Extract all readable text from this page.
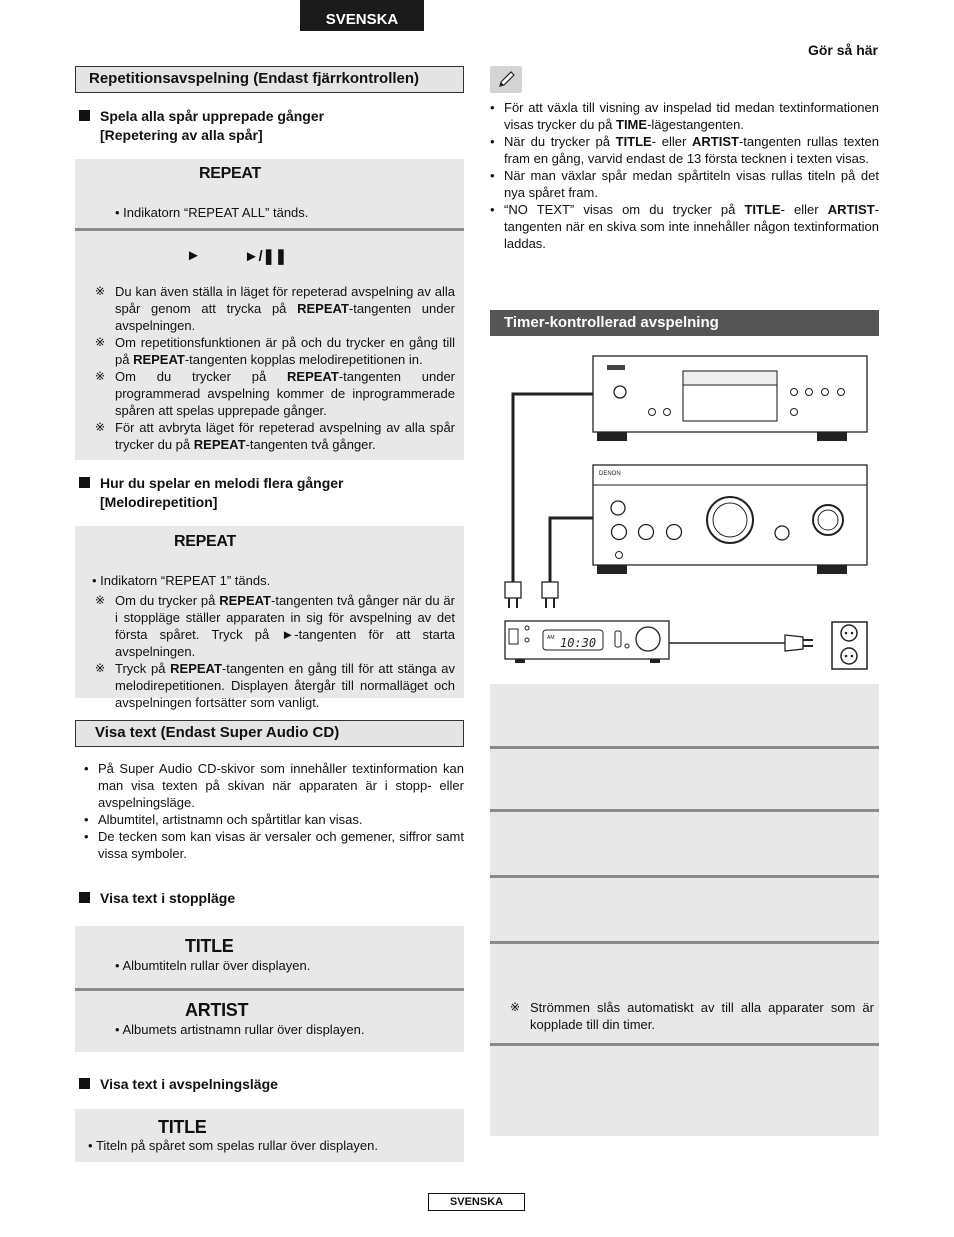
SVENSKA
Gör så här
Repetitionsavspelning (Endast fjärrkontrollen)
Spela alla spår upprepade gånger
[Repetering av alla spår]
REPEAT
• Indikatorn “REPEAT ALL” tänds.
►	►/❚❚
※ Du kan även ställa in läget för repeterad avspelning av alla spår genom att trycka på REPEAT-tangenten under avspelningen.
※ Om repetitionsfunktionen är på och du trycker en gång till på REPEAT-tangenten kopplas melodirepetitionen in.
※ Om du trycker på REPEAT-tangenten under programmerad avspelning kommer de inprogrammerade spåren att spelas upprepade gånger.
※ För att avbryta läget för repeterad avspelning av alla spår trycker du på REPEAT-tangenten två gånger.
Hur du spelar en melodi flera gånger
[Melodirepetition]
REPEAT
• Indikatorn “REPEAT 1” tänds.
※ Om du trycker på REPEAT-tangenten två gånger när du är i stoppläge ställer apparaten in sig för avspelning av det första spåret. Tryck på ►-tangenten för att starta avspelningen.
※ Tryck på REPEAT-tangenten en gång till för att stänga av melodirepetitionen. Displayen återgår till normalläget och avspelningen fortsätter som vanligt.
Visa text (Endast Super Audio CD)
• På Super Audio CD-skivor som innehåller textinformation kan man visa texten på skivan när apparaten är i stopp- eller avspelningsläge.
• Albumtitel, artistnamn och spårtitlar kan visas.
• De tecken som kan visas är versaler och gemener, siffror samt vissa symboler.
Visa text i stoppläge
TITLE
• Albumtiteln rullar över displayen.
ARTIST
• Albumets artistnamn rullar över displayen.
Visa text i avspelningsläge
TITLE
• Titeln på spåret som spelas rullar över displayen.
• För att växla till visning av inspelad tid medan textinformationen visas trycker du på TIME-lägestangenten.
• När du trycker på TITLE- eller ARTIST-tangenten rullas texten fram en gång, varvid endast de 13 första tecknen i texten visas.
• När man växlar spår medan spårtiteln visas rullas titeln på det nya spåret fram.
• “NO TEXT” visas om du trycker på TITLE- eller ARTIST-tangenten när en skiva som inte innehåller någon textinformation laddas.
Timer-kontrollerad avspelning
DENON
AM 10:30
※ Strömmen slås automatiskt av till alla apparater som är kopplade till din timer.
SVENSKA
